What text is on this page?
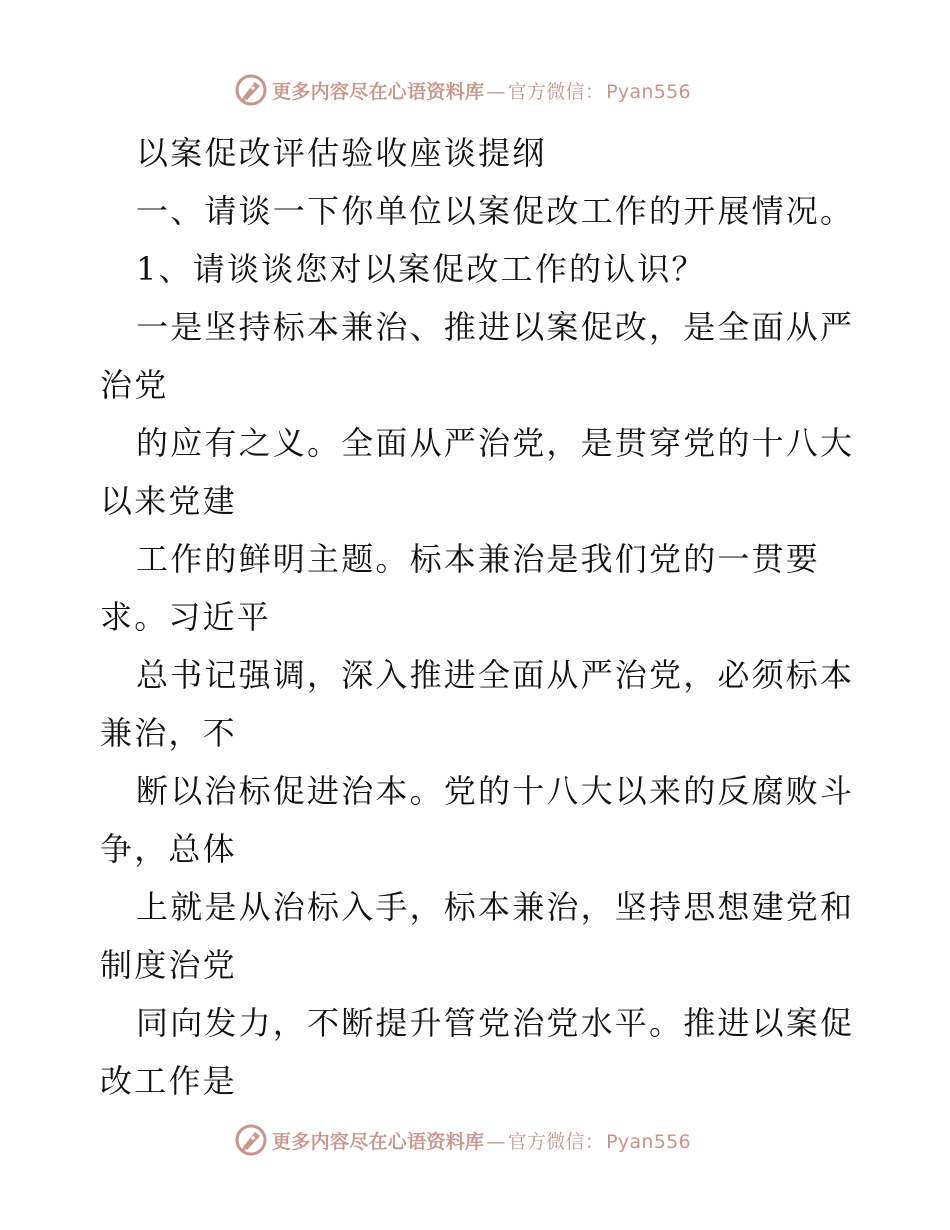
更多内容尽在心语资料库 — 官方微信： Pyan556
以案促改评估验收座谈提纲
一、请谈一下你单位以案促改工作的开展情况。
1、请谈谈您对以案促改工作的认识？
一是坚持标本兼治、推进以案促改，是全面从严
治党
的应有之义。全面从严治党，是贯穿党的十八大
以来党建
工作的鲜明主题。标本兼治是我们党的一贯要
求。习近平
总书记强调，深入推进全面从严治党，必须标本
兼治，不
断以治标促进治本。党的十八大以来的反腐败斗
争，总体
上就是从治标入手，标本兼治，坚持思想建党和
制度治党
同向发力，不断提升管党治党水平。推进以案促
改工作是
更多内容尽在心语资料库 — 官方微信： Pyan556
